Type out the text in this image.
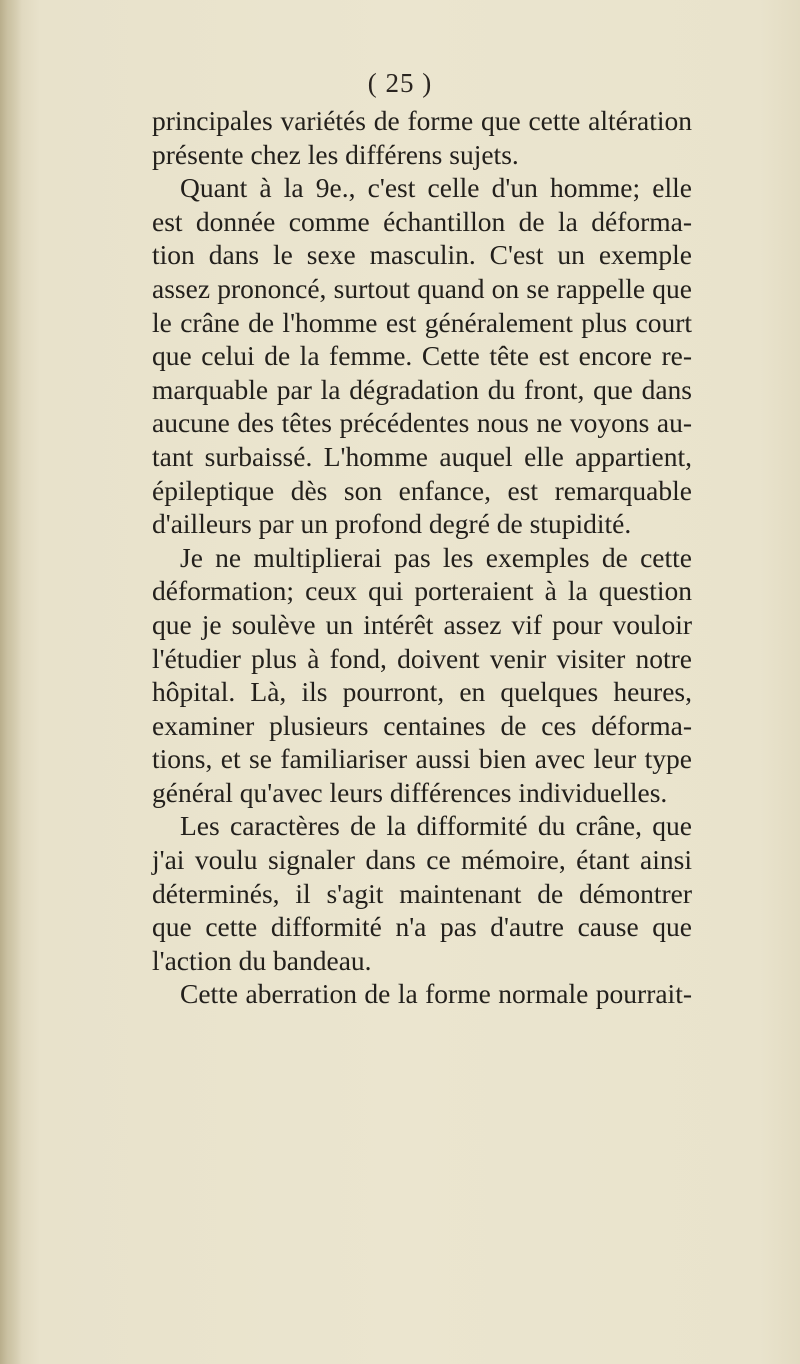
( 25 )
principales variétés de forme que cette altération
présente chez les différens sujets.
Quant à la 9e., c'est celle d'un homme; elle
est donnée comme échantillon de la déforma-
tion dans le sexe masculin. C'est un exemple
assez prononcé, surtout quand on se rappelle que
le crâne de l'homme est généralement plus court
que celui de la femme. Cette tête est encore re-
marquable par la dégradation du front, que dans
aucune des têtes précédentes nous ne voyons au-
tant surbaissé. L'homme auquel elle appartient,
épileptique dès son enfance, est remarquable
d'ailleurs par un profond degré de stupidité.
Je ne multiplierai pas les exemples de cette
déformation; ceux qui porteraient à la question
que je soulève un intérêt assez vif pour vouloir
l'étudier plus à fond, doivent venir visiter notre
hôpital. Là, ils pourront, en quelques heures,
examiner plusieurs centaines de ces déforma-
tions, et se familiariser aussi bien avec leur type
général qu'avec leurs différences individuelles.
Les caractères de la difformité du crâne, que
j'ai voulu signaler dans ce mémoire, étant ainsi
déterminés, il s'agit maintenant de démontrer
que cette difformité n'a pas d'autre cause que
l'action du bandeau.
Cette aberration de la forme normale pourrait-
